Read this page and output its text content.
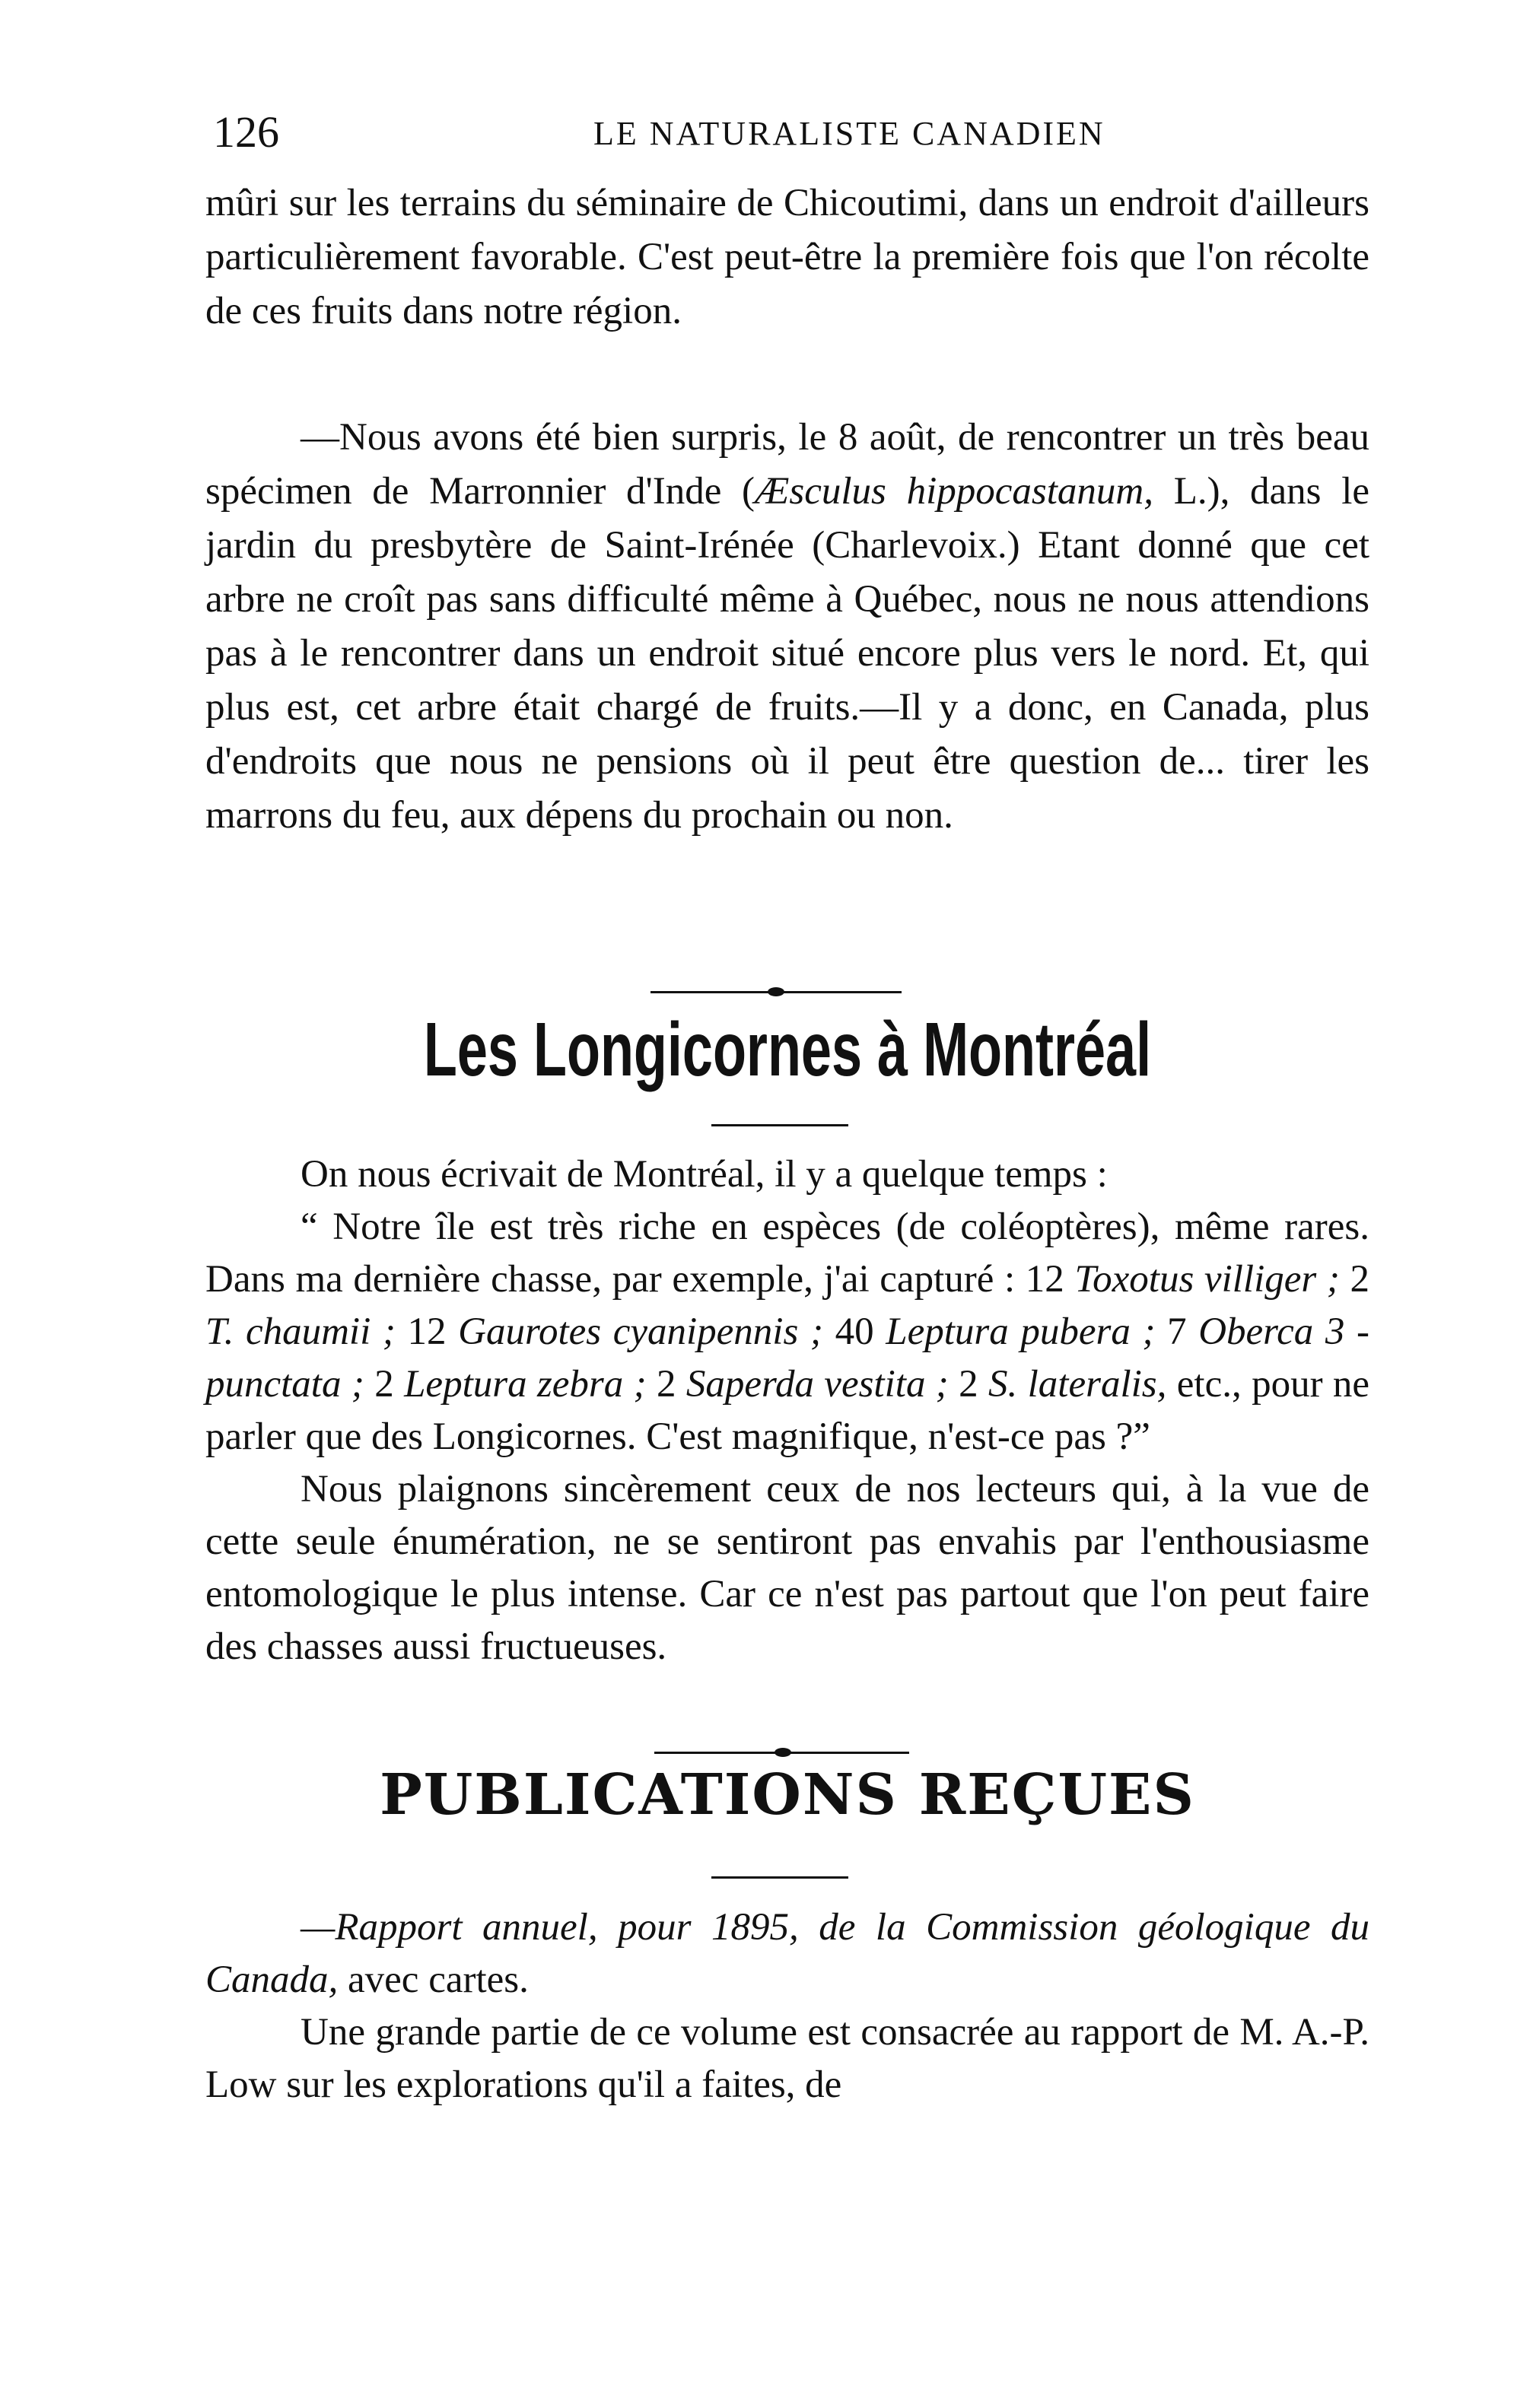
126	LE NATURALISTE CANADIEN

mûri sur les terrains du séminaire de Chicoutimi, dans un endroit d'ailleurs particulièrement favorable. C'est peut-être la première fois que l'on récolte de ces fruits dans notre région.

—Nous avons été bien surpris, le 8 août, de rencontrer un très beau spécimen de Marronnier d'Inde (Æsculus hippocastanum, L.), dans le jardin du presbytère de Saint-Irénée (Charlevoix.) Etant donné que cet arbre ne croît pas sans difficulté même à Québec, nous ne nous attendions pas à le rencontrer dans un endroit situé encore plus vers le nord. Et, qui plus est, cet arbre était chargé de fruits.—Il y a donc, en Canada, plus d'endroits que nous ne pensions où il peut être question de... tirer les marrons du feu, aux dépens du prochain ou non.

Les Longicornes à Montréal

On nous écrivait de Montréal, il y a quelque temps :

“ Notre île est très riche en espèces (de coléoptères), même rares. Dans ma dernière chasse, par exemple, j'ai capturé : 12 Toxotus villiger ; 2 T. chaumii ; 12 Gaurotes cyanipennis ; 40 Leptura pubera ; 7 Oberca 3 - punctata ; 2 Leptura zebra ; 2 Saperda vestita ; 2 S. lateralis, etc., pour ne parler que des Longicornes. C'est magnifique, n'est-ce pas ?”

Nous plaignons sincèrement ceux de nos lecteurs qui, à la vue de cette seule énumération, ne se sentiront pas envahis par l'enthousiasme entomologique le plus intense. Car ce n'est pas partout que l'on peut faire des chasses aussi fructueuses.

PUBLICATIONS REÇUES

—Rapport annuel, pour 1895, de la Commission géologique du Canada, avec cartes.

Une grande partie de ce volume est consacrée au rapport de M. A.-P. Low sur les explorations qu'il a faites, de
